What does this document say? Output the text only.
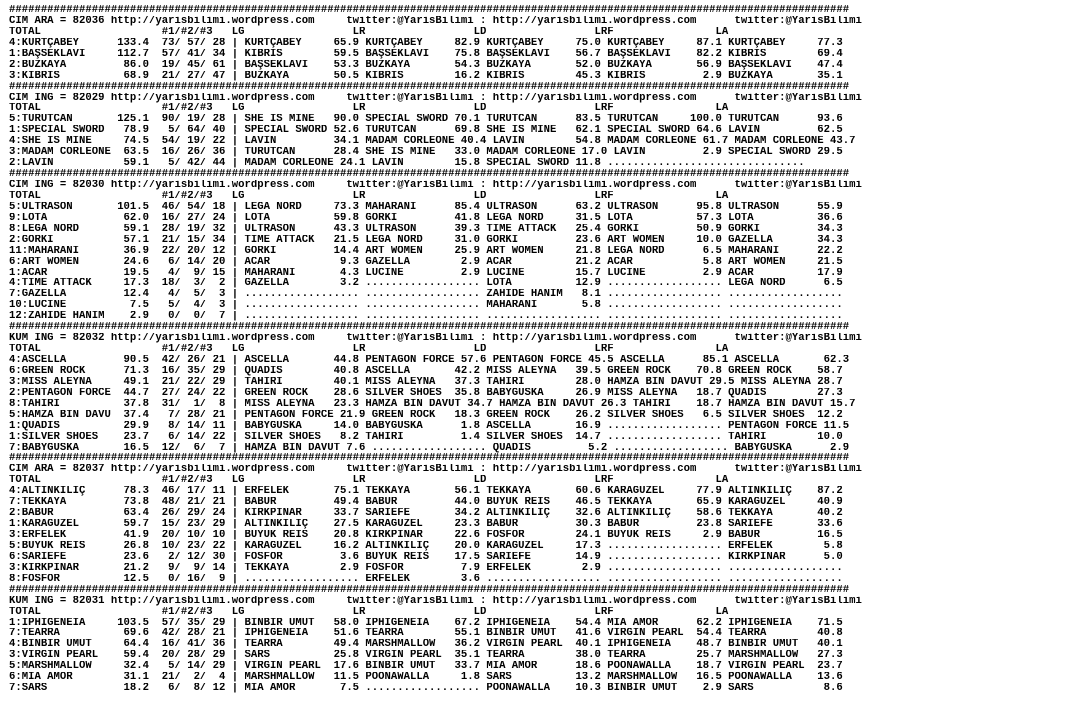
####################################################################################################################################
CIM ARA = 82036 http://yarisbilimi.wordpress.com     twitter:@YarisBilimi : http://yarisbilimi.wordpress.com      twitter:@YarisBilimi
TOTAL                   #1/#2/#3   LG                 LR                 LD                 LRF                LA
4:KURTÇABEY      133.4  73/ 57/ 28 | KURTÇABEY     65.9 KURTÇABEY     82.9 KURTÇABEY     75.0 KURTÇABEY     87.1 KURTÇABEY     77.3
1:BAŞSEKLAVİ     112.7  57/ 41/ 34 | KIBRIS        59.5 BAŞSEKLAVİ    75.8 BAŞSEKLAVİ    56.7 BAŞSEKLAVİ    82.2 KIBRIS        69.4
2:BUZKAYA         86.0  19/ 45/ 61 | BAŞSEKLAVİ    53.3 BUZKAYA       54.3 BUZKAYA       52.0 BUZKAYA       56.9 BAŞSEKLAVİ    47.4
3:KIBRIS          68.9  21/ 27/ 47 | BUZKAYA       50.5 KIBRIS        16.2 KIBRIS        45.3 KIBRIS         2.9 BUZKAYA       35.1
####################################################################################################################################
CIM ING = 82029 http://yarisbilimi.wordpress.com     twitter:@YarisBilimi : http://yarisbilimi.wordpress.com      twitter:@YarisBilimi
TOTAL                   #1/#2/#3   LG                 LR                 LD                 LRF                LA
5:TÜRÜTCAN       125.1  90/ 19/ 28 | SHE IS MINE   90.0 SPECIAL SWORD 70.1 TÜRÜTCAN      83.5 TÜRÜTCAN     100.0 TÜRÜTCAN      93.6
1:SPECIAL SWORD   78.9   5/ 64/ 40 | SPECIAL SWORD 52.6 TÜRÜTCAN      69.8 SHE IS MINE   62.1 SPECIAL SWORD 64.6 LAVIN         62.5
4:SHE IS MINE     74.5  54/ 19/ 22 | LAVIN         34.1 MADAM CORLEONE 40.4 LAVIN        54.8 MADAM CORLEONE 61.7 MADAM CORLEONE 43.7
3:MADAM CORLEONE  63.5  16/ 26/ 36 | TÜRÜTCAN      28.4 SHE IS MINE   33.0 MADAM CORLEONE 17.0 LAVIN         2.9 SPECIAL SWORD 29.5
2:LAVIN           59.1   5/ 42/ 44 | MADAM CORLEONE 24.1 LAVIN        15.8 SPECIAL SWORD 11.8 ...............................
####################################################################################################################################
CIM ING = 82030 http://yarisbilimi.wordpress.com     twitter:@YarisBilimi : http://yarisbilimi.wordpress.com      twitter:@YarisBilimi
TOTAL                   #1/#2/#3   LG                 LR                 LD                 LRF                LA
5:ULTRASON       101.5  46/ 54/ 18 | LEGA NORD     73.3 MAHARANİ      85.4 ULTRASON      63.2 ULTRASON      95.8 ULTRASON      55.9
9:LOTA            62.0  16/ 27/ 24 | LOTA          59.8 GÖRKİ         41.8 LEGA NORD     31.5 LOTA          57.3 LOTA          36.6
8:LEGA NORD       59.1  28/ 19/ 32 | ULTRASON      43.3 ULTRASON      39.3 TIME ATTACK   25.4 GÖRKİ         50.9 GÖRKİ         34.3
2:GÖRKİ           57.1  21/ 15/ 34 | TIME ATTACK   21.5 LEGA NORD     31.0 GÖRKİ         23.6 ART WOMEN     10.0 GAZELLA       34.3
11:MAHARANİ       36.9  22/ 20/ 12 | GÖRKİ         14.4 ART WOMEN     25.9 ART WOMEN     21.8 LEGA NORD      6.5 MAHARANİ      22.2
6:ART WOMEN       24.6   6/ 14/ 20 | ACAR           9.3 GAZELLA        2.9 ACAR          21.2 ACAR           5.8 ART WOMEN     21.5
1:ACAR            19.5   4/  9/ 15 | MAHARANİ       4.3 LUCINE         2.9 LUCINE        15.7 LUCINE         2.9 ACAR          17.9
4:TIME ATTACK     17.3  18/  3/  2 | GAZELLA        3.2 .................. LOTA          12.9 .................. LEGA NORD      6.5
7:GAZELLA         12.4   4/  5/  3 | .................. .................. ZAHİDE HANIM   8.1 .................. ..................
10:LUCINE          7.5   5/  4/  3 | .................. .................. MAHARANİ       5.8 .................. ..................
12:ZAHİDE HANIM    2.9   0/  0/  7 | .................. .................. .................. .................. ..................
####################################################################################################################################
KUM ING = 82032 http://yarisbilimi.wordpress.com     twitter:@YarisBilimi : http://yarisbilimi.wordpress.com      twitter:@YarisBilimi
TOTAL                   #1/#2/#3   LG                 LR                 LD                 LRF                LA
4:ASCELLA         90.5  42/ 26/ 21 | ASCELLA       44.8 PENTAGON FORCE 57.6 PENTAGON FORCE 45.5 ASCELLA      85.1 ASCELLA       62.3
6:GREEN ROCK      71.3  16/ 35/ 29 | QUADIS        40.8 ASCELLA       42.2 MISS ALEYNA   39.5 GREEN ROCK    70.8 GREEN ROCK    58.7
3:MISS ALEYNA     49.1  21/ 22/ 29 | TAHİRİ        40.1 MISS ALEYNA   37.3 TAHİRİ        28.0 HAMZA BİN DAVUT 29.5 MISS ALEYNA 28.7
2:PENTAGON FORCE  44.7  27/ 24/ 22 | GREEN ROCK    28.6 SILVER SHOES  35.8 BABYGUSKA     26.9 MISS ALEYNA   18.7 QUADIS        27.3
8:TAHİRİ          37.8  31/  1/  8 | MISS ALEYNA   23.3 HAMZA BİN DAVUT 34.7 HAMZA BİN DAVUT 26.3 TAHİRİ    18.7 HAMZA BİN DAVUT 15.7
5:HAMZA BİN DAVU  37.4   7/ 28/ 21 | PENTAGON FORCE 21.9 GREEN ROCK   18.3 GREEN ROCK    26.2 SILVER SHOES   6.5 SILVER SHOES  12.2
1:QUADIS          29.9   8/ 14/ 11 | BABYGUSKA     14.0 BABYGUSKA      1.8 ASCELLA       16.9 .................. PENTAGON FORCE 11.5
1:SILVER SHOES    23.7   6/ 14/ 22 | SILVER SHOES   8.2 TAHİRİ         1.4 SILVER SHOES  14.7 .................. TAHİRİ        10.0
7:BABYGUSKA       16.5  12/  6/  7 | HAMZA BİN DAVUT 7.6 .................. QUADIS         5.2 .................. BABYGUSKA      2.9
####################################################################################################################################
CIM ARA = 82037 http://yarisbilimi.wordpress.com     twitter:@YarisBilimi : http://yarisbilimi.wordpress.com      twitter:@YarisBilimi
TOTAL                   #1/#2/#3   LG                 LR                 LD                 LRF                LA
4:ALTINKILIÇ      78.3  46/ 17/ 11 | ERFELEK       75.1 TEKKAYA       56.1 TEKKAYA       60.6 KARAGÜZEL     77.9 ALTINKILIÇ    87.2
7:TEKKAYA         73.8  48/ 21/ 21 | BABÜR         49.4 BABÜR         44.0 BÜYÜK REİS    46.5 TEKKAYA       65.9 KARAGÜZEL     40.9
2:BABÜR           63.4  26/ 29/ 24 | KIRKPINAR     33.7 SARIEFE       34.2 ALTINKILIÇ    32.6 ALTINKILIÇ    58.6 TEKKAYA       40.2
1:KARAGÜZEL       59.7  15/ 23/ 29 | ALTINKILIÇ    27.5 KARAGÜZEL     23.3 BABÜR         30.3 BABÜR         23.8 SARIEFE       33.6
3:ERFELEK         41.9  20/ 10/ 10 | BÜYÜK REİS    20.8 KIRKPINAR     22.6 FOSFOR        24.1 BÜYÜK REİS     2.9 BABÜR         16.5
5:BÜYÜK REİS      26.8  10/ 23/ 22 | KARAGÜZEL     16.2 ALTINKILIÇ    20.0 KARAGÜZEL     17.3 .................. ERFELEK        5.8
6:SARIEFE         23.6   2/ 12/ 30 | FOSFOR         3.6 BÜYÜK REİS    17.5 SARIEFE       14.9 .................. KIRKPINAR      5.0
3:KIRKPINAR       21.2   9/  9/ 14 | TEKKAYA        2.9 FOSFOR         7.9 ERFELEK        2.9 .................. ..................
8:FOSFOR          12.5   0/ 16/  9 | .................. ERFELEK        3.6 .................. .................. ..................
####################################################################################################################################
KUM ING = 82031 http://yarisbilimi.wordpress.com     twitter:@YarisBilimi : http://yarisbilimi.wordpress.com      twitter:@YarisBilimi
TOTAL                   #1/#2/#3   LG                 LR                 LD                 LRF                LA
1:IPHIGENEIA     103.5  57/ 35/ 29 | BİNBİR UMUT   58.0 IPHIGENEIA    67.2 IPHIGENEIA    54.4 MIA AMOR      62.2 IPHIGENEIA    71.5
7:TEARRA          69.6  42/ 28/ 21 | IPHIGENEIA    51.6 TEARRA        55.1 BİNBİR UMUT   41.6 VIRGIN PEARL  54.4 TEARRA        40.8
4:BİNBİR UMUT     64.4  16/ 41/ 36 | TEARRA        49.4 MARSHMALLOW   36.2 VIRGIN PEARL  40.1 IPHIGENEIA    48.7 BİNBİR UMUT   40.1
3:VIRGIN PEARL    59.4  20/ 28/ 29 | SARS          25.8 VIRGIN PEARL  35.1 TEARRA        38.0 TEARRA        25.7 MARSHMALLOW   27.3
5:MARSHMALLOW     32.4   5/ 14/ 29 | VIRGIN PEARL  17.6 BİNBİR UMUT   33.7 MIA AMOR      18.6 POONAWALLA    18.7 VIRGIN PEARL  23.7
6:MIA AMOR        31.1  21/  2/  4 | MARSHMALLOW   11.5 POONAWALLA     1.8 SARS          13.2 MARSHMALLOW   16.5 POONAWALLA    13.6
7:SARS            18.2   6/  8/ 12 | MIA AMOR       7.5 .................. POONAWALLA    10.3 BİNBİR UMUT    2.9 SARS           8.6
